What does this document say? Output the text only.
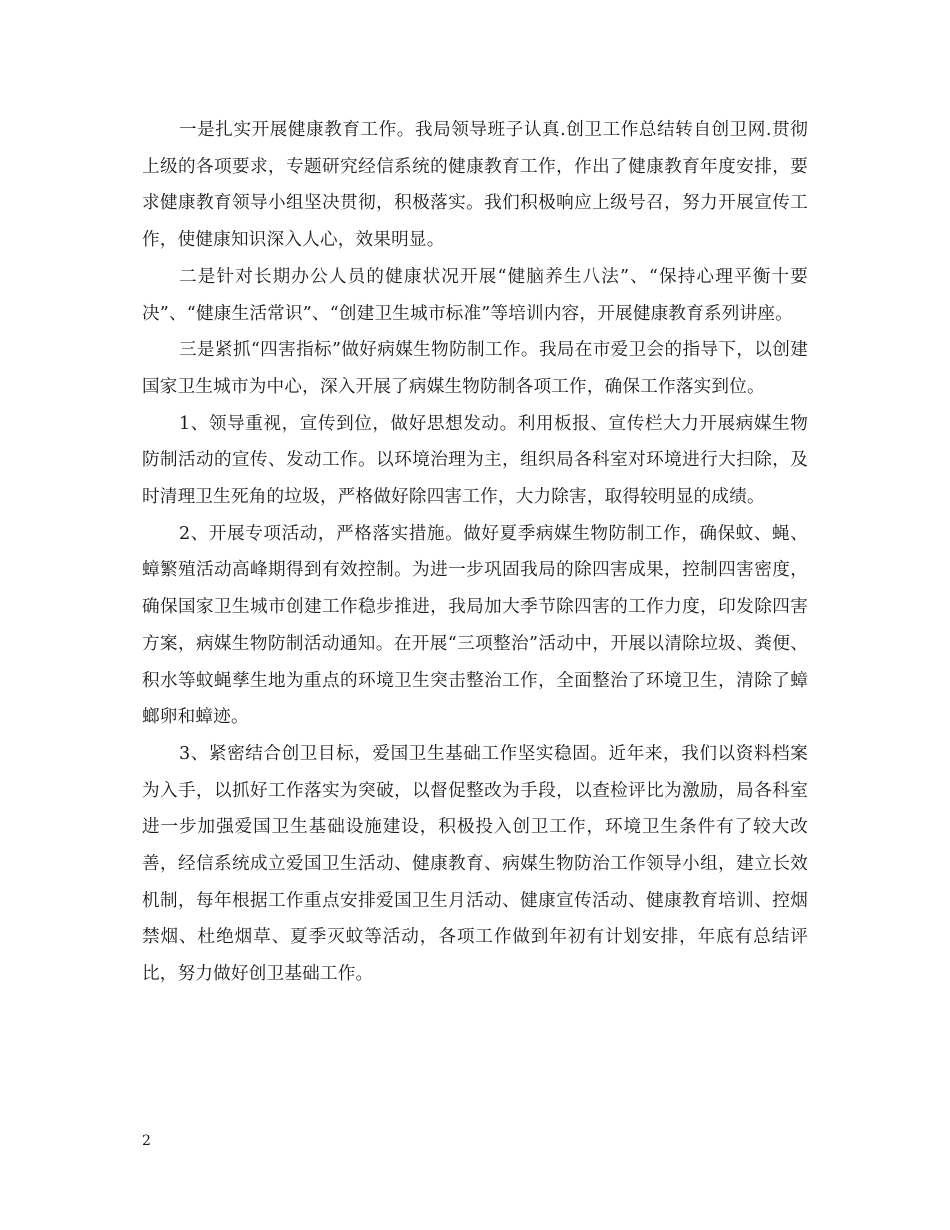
一是扎实开展健康教育工作。我局领导班子认真.创卫工作总结转自创卫网.贯彻上级的各项要求，专题研究经信系统的健康教育工作，作出了健康教育年度安排，要求健康教育领导小组坚决贯彻，积极落实。我们积极响应上级号召，努力开展宣传工作，使健康知识深入人心，效果明显。

二是针对长期办公人员的健康状况开展“健脑养生八法”、“保持心理平衡十要决”、“健康生活常识”、“创建卫生城市标准”等培训内容，开展健康教育系列讲座。

三是紧抓“四害指标”做好病媒生物防制工作。我局在市爱卫会的指导下，以创建国家卫生城市为中心，深入开展了病媒生物防制各项工作，确保工作落实到位。

1、领导重视，宣传到位，做好思想发动。利用板报、宣传栏大力开展病媒生物防制活动的宣传、发动工作。以环境治理为主，组织局各科室对环境进行大扫除，及时清理卫生死角的垃圾，严格做好除四害工作，大力除害，取得较明显的成绩。

2、开展专项活动，严格落实措施。做好夏季病媒生物防制工作，确保蚊、蝇、蟑繁殖活动高峰期得到有效控制。为进一步巩固我局的除四害成果，控制四害密度，确保国家卫生城市创建工作稳步推进，我局加大季节除四害的工作力度，印发除四害方案，病媒生物防制活动通知。在开展“三项整治”活动中，开展以清除垃圾、粪便、积水等蚊蝇孳生地为重点的环境卫生突击整治工作，全面整治了环境卫生，清除了蟑螂卵和蟑迹。

3、紧密结合创卫目标，爱国卫生基础工作坚实稳固。近年来，我们以资料档案为入手，以抓好工作落实为突破，以督促整改为手段，以查检评比为激励，局各科室进一步加强爱国卫生基础设施建设，积极投入创卫工作，环境卫生条件有了较大改善，经信系统成立爱国卫生活动、健康教育、病媒生物防治工作领导小组，建立长效机制，每年根据工作重点安排爱国卫生月活动、健康宣传活动、健康教育培训、控烟禁烟、杜绝烟草、夏季灭蚊等活动，各项工作做到年初有计划安排，年底有总结评比，努力做好创卫基础工作。

2
